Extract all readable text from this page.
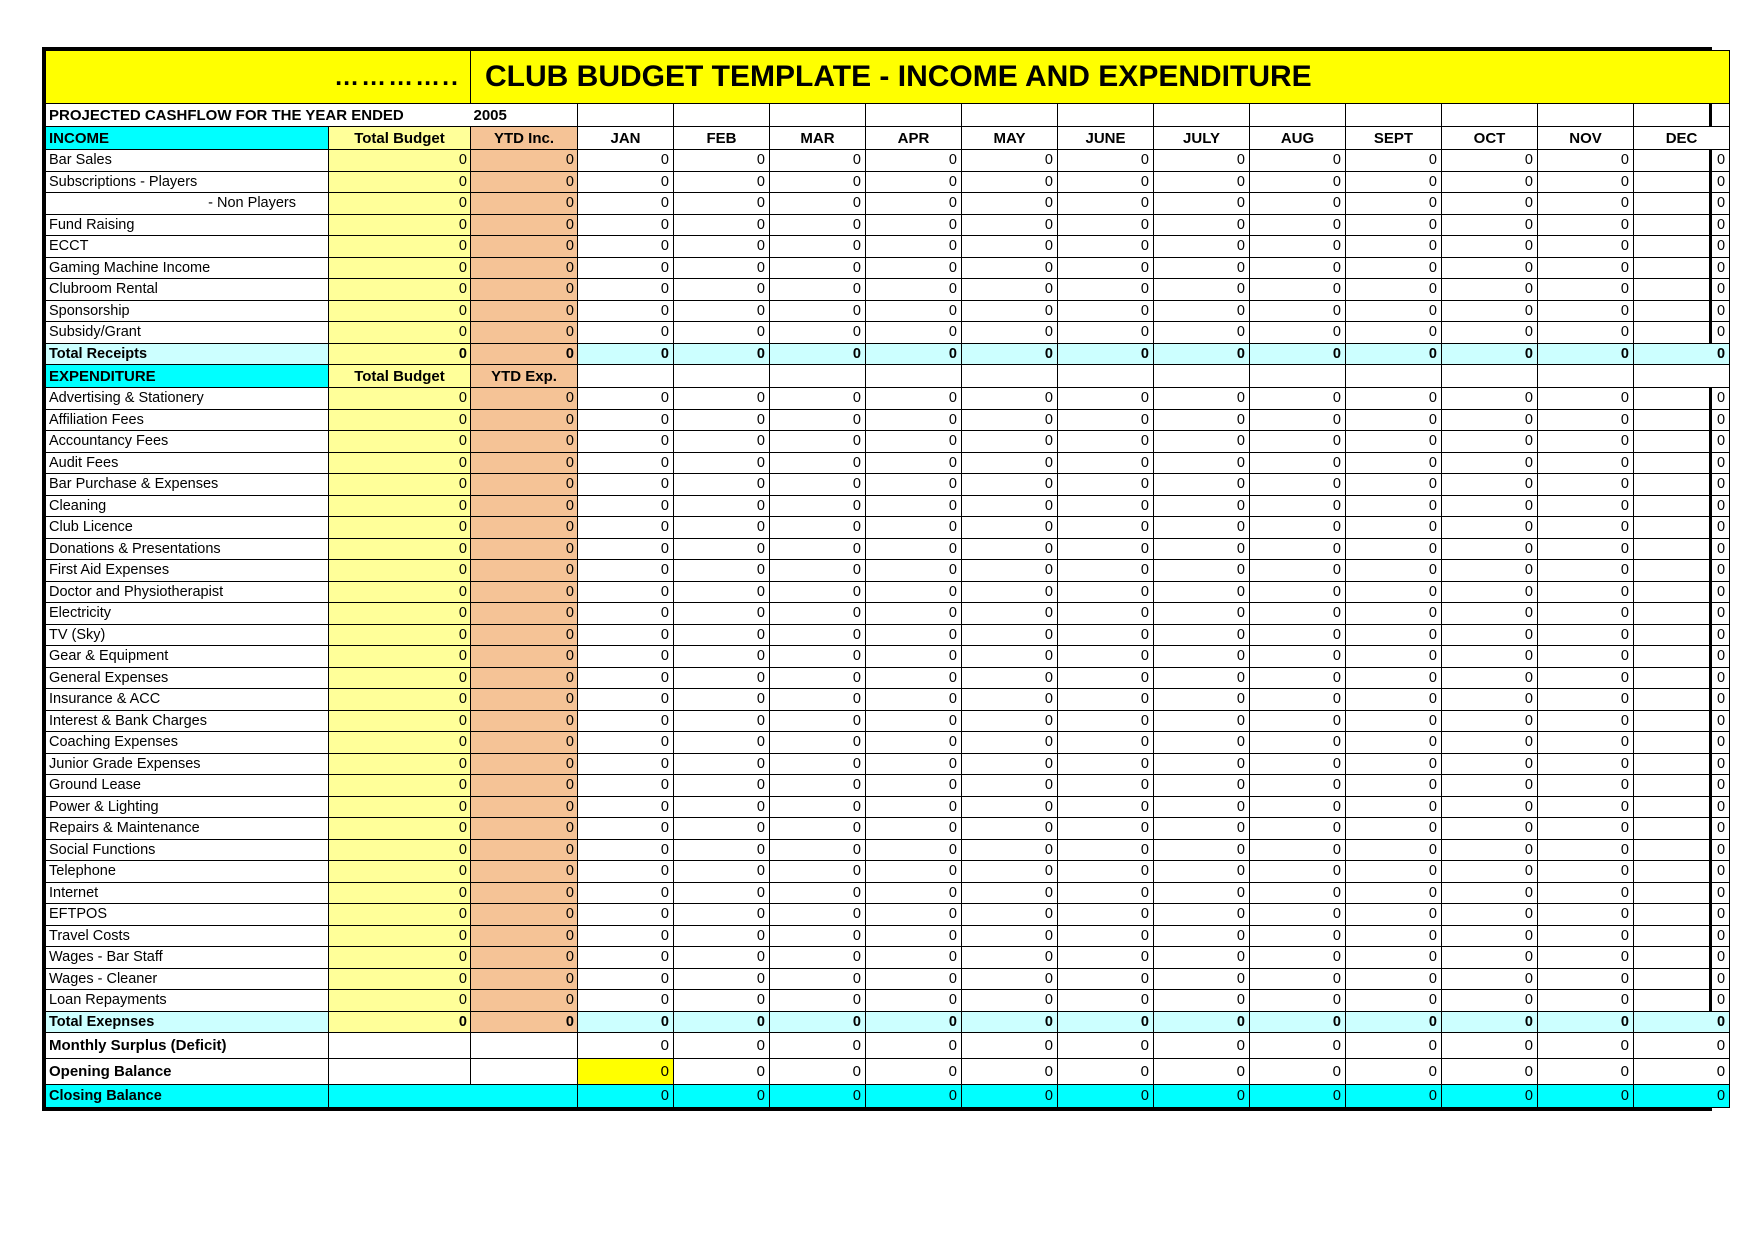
…………..		CLUB BUDGET TEMPLATE - INCOME AND EXPENDITURE												
PROJECTED CASHFLOW FOR THE YEAR ENDED		2005												
INCOME	Total Budget	YTD Inc.	JAN	FEB	MAR	APR	MAY	JUNE	JULY	AUG	SEPT	OCT	NOV	DEC
Bar Sales	0	0	0	0	0	0	0	0	0	0	0	0	0	0
Subscriptions - Players	0	0	0	0	0	0	0	0	0	0	0	0	0	0
- Non Players	0	0	0	0	0	0	0	0	0	0	0	0	0	0
Fund Raising	0	0	0	0	0	0	0	0	0	0	0	0	0	0
ECCT	0	0	0	0	0	0	0	0	0	0	0	0	0	0
Gaming Machine Income	0	0	0	0	0	0	0	0	0	0	0	0	0	0
Clubroom Rental	0	0	0	0	0	0	0	0	0	0	0	0	0	0
Sponsorship	0	0	0	0	0	0	0	0	0	0	0	0	0	0
Subsidy/Grant	0	0	0	0	0	0	0	0	0	0	0	0	0	0
Total Receipts	0	0	0	0	0	0	0	0	0	0	0	0	0	0
EXPENDITURE	Total Budget	YTD Exp.												
Advertising & Stationery	0	0	0	0	0	0	0	0	0	0	0	0	0	0
Affiliation Fees	0	0	0	0	0	0	0	0	0	0	0	0	0	0
Accountancy Fees	0	0	0	0	0	0	0	0	0	0	0	0	0	0
Audit Fees	0	0	0	0	0	0	0	0	0	0	0	0	0	0
Bar Purchase & Expenses	0	0	0	0	0	0	0	0	0	0	0	0	0	0
Cleaning	0	0	0	0	0	0	0	0	0	0	0	0	0	0
Club Licence	0	0	0	0	0	0	0	0	0	0	0	0	0	0
Donations & Presentations	0	0	0	0	0	0	0	0	0	0	0	0	0	0
First Aid Expenses	0	0	0	0	0	0	0	0	0	0	0	0	0	0
Doctor and Physiotherapist	0	0	0	0	0	0	0	0	0	0	0	0	0	0
Electricity	0	0	0	0	0	0	0	0	0	0	0	0	0	0
TV (Sky)	0	0	0	0	0	0	0	0	0	0	0	0	0	0
Gear & Equipment	0	0	0	0	0	0	0	0	0	0	0	0	0	0
General Expenses	0	0	0	0	0	0	0	0	0	0	0	0	0	0
Insurance & ACC	0	0	0	0	0	0	0	0	0	0	0	0	0	0
Interest & Bank Charges	0	0	0	0	0	0	0	0	0	0	0	0	0	0
Coaching Expenses	0	0	0	0	0	0	0	0	0	0	0	0	0	0
Junior Grade Expenses	0	0	0	0	0	0	0	0	0	0	0	0	0	0
Ground Lease	0	0	0	0	0	0	0	0	0	0	0	0	0	0
Power & Lighting	0	0	0	0	0	0	0	0	0	0	0	0	0	0
Repairs & Maintenance	0	0	0	0	0	0	0	0	0	0	0	0	0	0
Social Functions	0	0	0	0	0	0	0	0	0	0	0	0	0	0
Telephone	0	0	0	0	0	0	0	0	0	0	0	0	0	0
Internet	0	0	0	0	0	0	0	0	0	0	0	0	0	0
EFTPOS	0	0	0	0	0	0	0	0	0	0	0	0	0	0
Travel Costs	0	0	0	0	0	0	0	0	0	0	0	0	0	0
Wages - Bar Staff	0	0	0	0	0	0	0	0	0	0	0	0	0	0
Wages - Cleaner	0	0	0	0	0	0	0	0	0	0	0	0	0	0
Loan Repayments	0	0	0	0	0	0	0	0	0	0	0	0	0	0
Total Exepnses	0	0	0	0	0	0	0	0	0	0	0	0	0	0
Monthly Surplus (Deficit)			0	0	0	0	0	0	0	0	0	0	0	0
Opening Balance			0	0	0	0	0	0	0	0	0	0	0	0
Closing Balance			0	0	0	0	0	0	0	0	0	0	0	0
